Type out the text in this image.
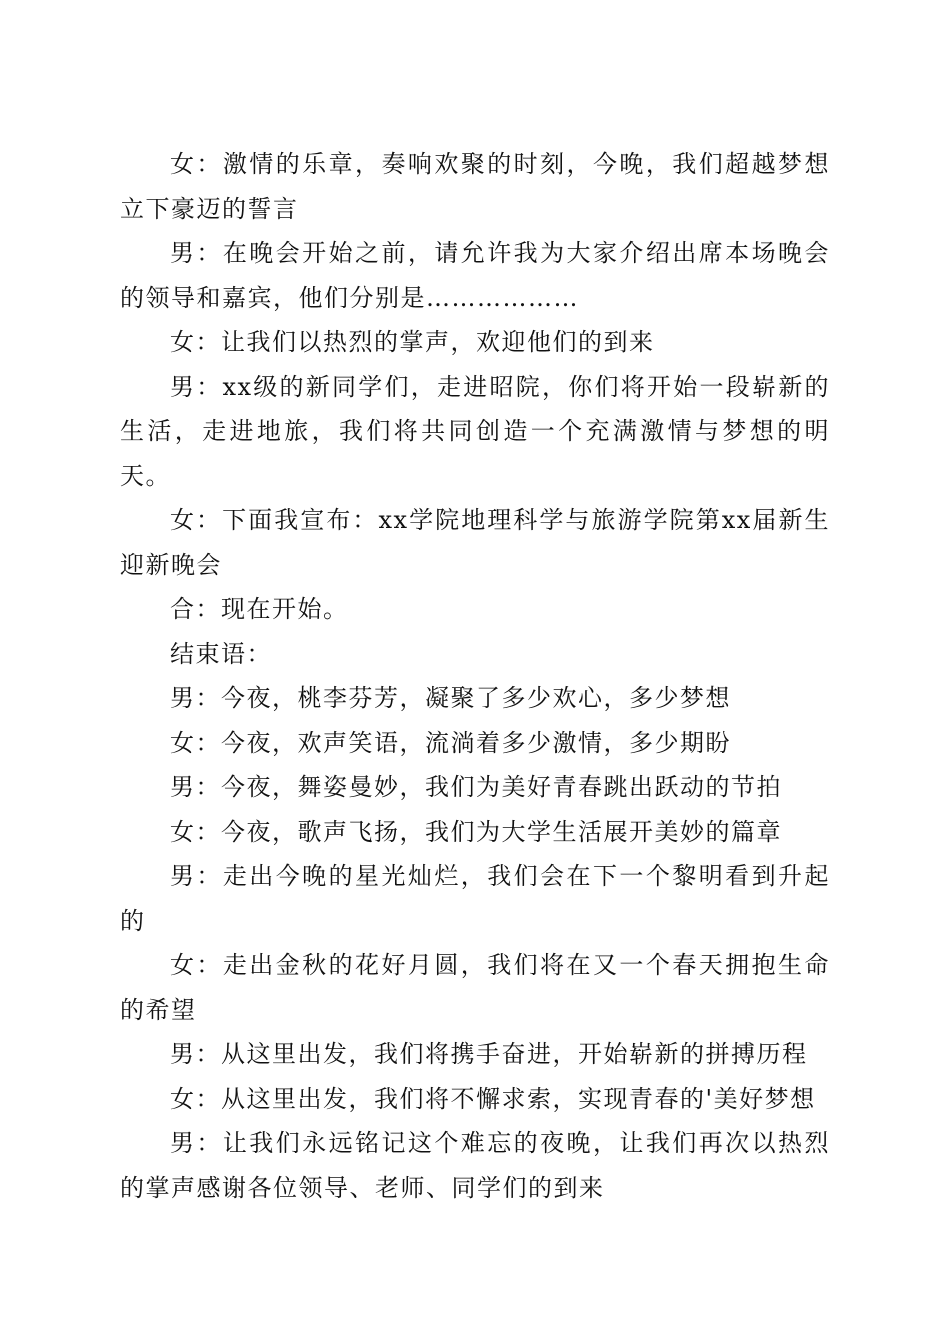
女：激情的乐章，奏响欢聚的时刻，今晚，我们超越梦想立下豪迈的誓言

男：在晚会开始之前，请允许我为大家介绍出席本场晚会的领导和嘉宾，他们分别是………………

女：让我们以热烈的掌声，欢迎他们的到来

男：xx级的新同学们，走进昭院，你们将开始一段崭新的生活，走进地旅，我们将共同创造一个充满激情与梦想的明天。

女：下面我宣布：xx学院地理科学与旅游学院第xx届新生迎新晚会

合：现在开始。

结束语：

男：今夜，桃李芬芳，凝聚了多少欢心，多少梦想

女：今夜，欢声笑语，流淌着多少激情，多少期盼

男：今夜，舞姿曼妙，我们为美好青春跳出跃动的节拍

女：今夜，歌声飞扬，我们为大学生活展开美妙的篇章

男：走出今晚的星光灿烂，我们会在下一个黎明看到升起的

女：走出金秋的花好月圆，我们将在又一个春天拥抱生命的希望

男：从这里出发，我们将携手奋进，开始崭新的拼搏历程

女：从这里出发，我们将不懈求索，实现青春的'美好梦想

男：让我们永远铭记这个难忘的夜晚，让我们再次以热烈的掌声感谢各位领导、老师、同学们的到来
